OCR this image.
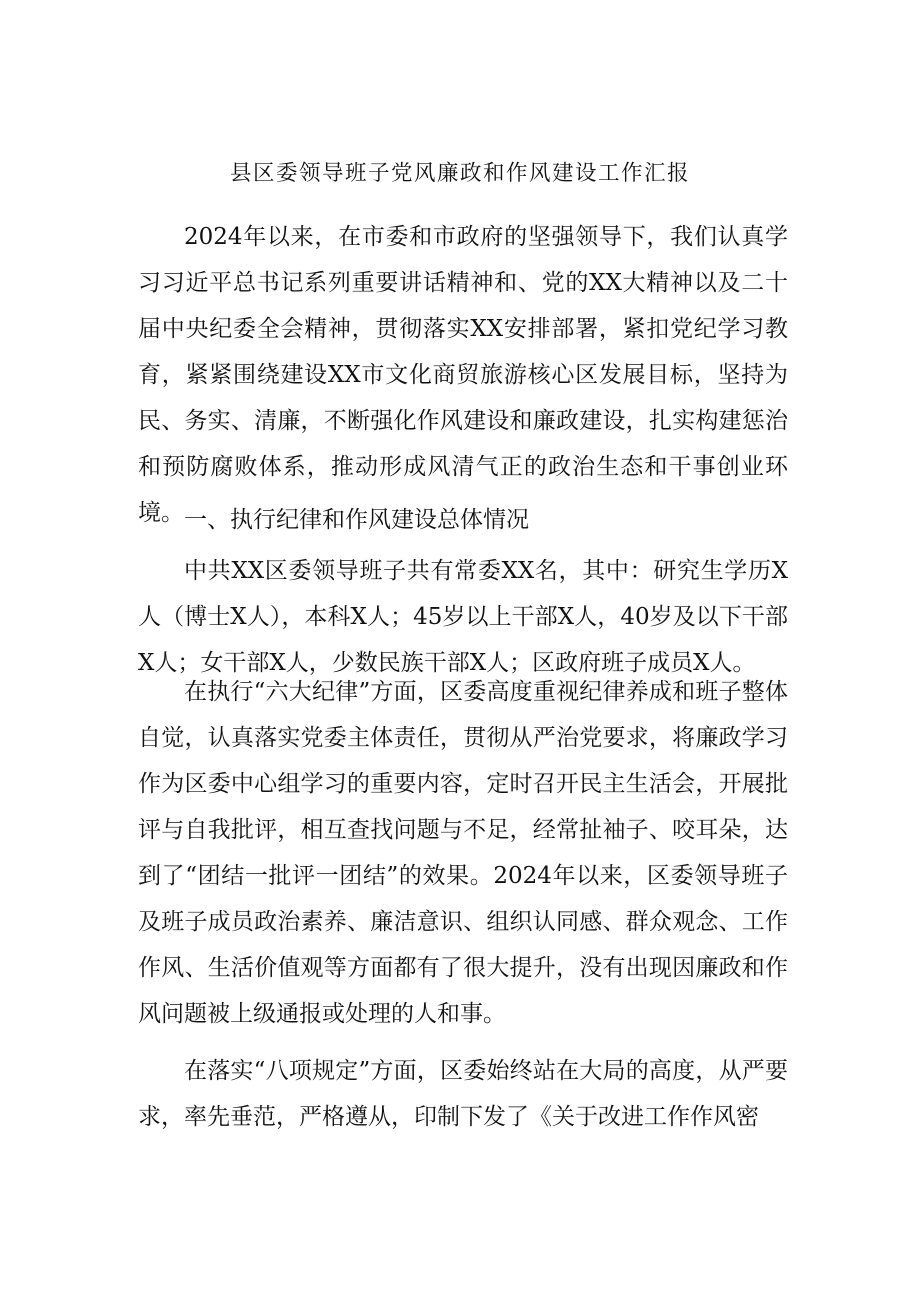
县区委领导班子党风廉政和作风建设工作汇报

2024年以来，在市委和市政府的坚强领导下，我们认真学习习近平总书记系列重要讲话精神和、党的XX大精神以及二十届中央纪委全会精神，贯彻落实XX安排部署，紧扣党纪学习教育，紧紧围绕建设XX市文化商贸旅游核心区发展目标，坚持为民、务实、清廉，不断强化作风建设和廉政建设，扎实构建惩治和预防腐败体系，推动形成风清气正的政治生态和干事创业环境。 一、执行纪律和作风建设总体情况

中共XX区委领导班子共有常委XX名，其中：研究生学历X人（博士X人），本科X人；45岁以上干部X人，40岁及以下干部X人；女干部X人，少数民族干部X人；区政府班子成员X人。

在执行“六大纪律”方面，区委高度重视纪律养成和班子整体自觉，认真落实党委主体责任，贯彻从严治党要求，将廉政学习作为区委中心组学习的重要内容，定时召开民主生活会，开展批评与自我批评，相互查找问题与不足，经常扯袖子、咬耳朵，达到了“团结一批评一团结”的效果。2024年以来，区委领导班子及班子成员政治素养、廉洁意识、组织认同感、群众观念、工作作风、生活价值观等方面都有了很大提升，没有出现因廉政和作风问题被上级通报或处理的人和事。

在落实“八项规定”方面，区委始终站在大局的高度，从严要求，率先垂范，严格遵从，印制下发了《关于改进工作作风密
